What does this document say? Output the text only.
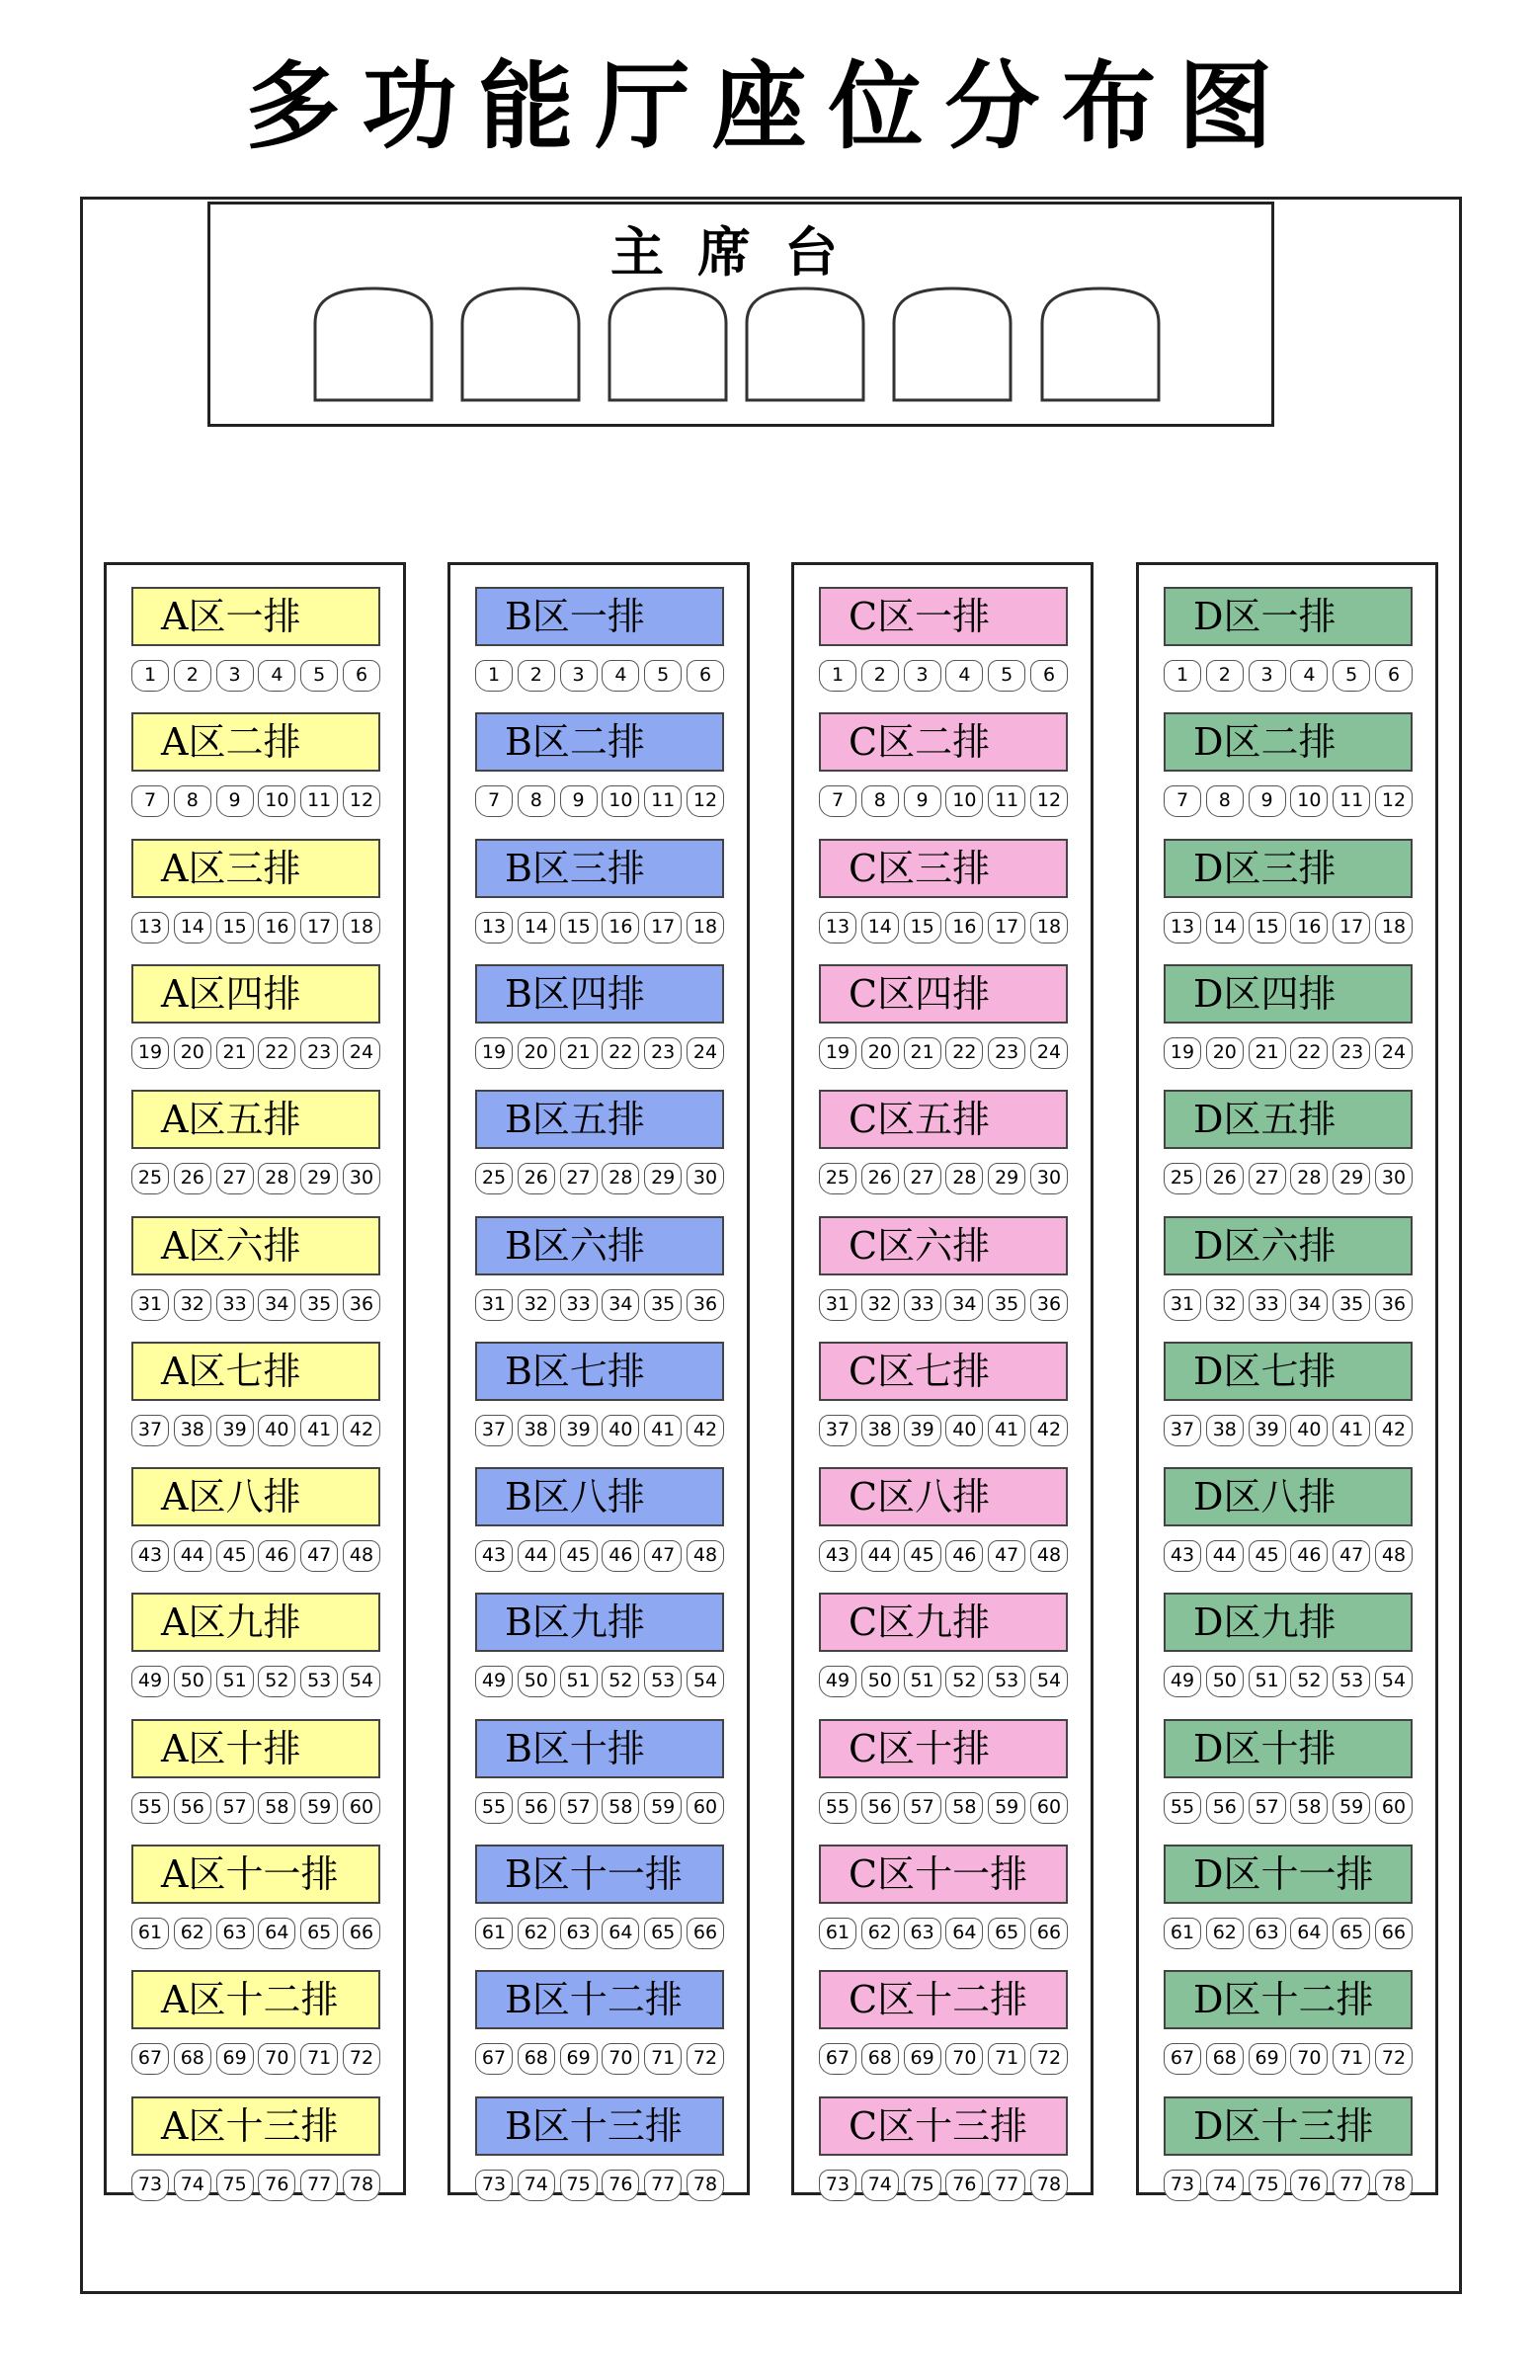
多功能厅座位分布图
主席台
A区一排
1	2	3	4	5	6
A区二排
7	8	9	10 11 12
A区三排
13 14 15 16 17 18
A区四排
19 20 21 22 23 24
A区五排
25 26 27 28 29 30
A区六排
31 32 33 34 35 36
A区七排
37 38 39 40 41 42
A区八排
43 44 45 46 47 48
A区九排
49 50 51 52 53 54
A区十排
55 56 57 58 59 60
A区十一排
61 62 63 64 65 66
A区十二排
67 68 69 70 71 72
A区十三排
73 74 75 76 77 78
B区一排
1	2	3	4	5	6
B区二排
7	8	9	10 11 12
B区三排
13 14 15 16 17 18
B区四排
19 20 21 22 23 24
B区五排
25 26 27 28 29 30
B区六排
31 32 33 34 35 36
B区七排
37 38 39 40 41 42
B区八排
43 44 45 46 47 48
B区九排
49 50 51 52 53 54
B区十排
55 56 57 58 59 60
B区十一排
61 62 63 64 65 66
B区十二排
67 68 69 70 71 72
B区十三排
73 74 75 76 77 78
C区一排
1	2	3	4	5	6
C区二排
7	8	9	10 11 12
C区三排
13 14 15 16 17 18
C区四排
19 20 21 22 23 24
C区五排
25 26 27 28 29 30
C区六排
31 32 33 34 35 36
C区七排
37 38 39 40 41 42
C区八排
43 44 45 46 47 48
C区九排
49 50 51 52 53 54
C区十排
55 56 57 58 59 60
C区十一排
61 62 63 64 65 66
C区十二排
67 68 69 70 71 72
C区十三排
73 74 75 76 77 78
D区一排
1	2	3	4	5	6
D区二排
7	8	9	10 11 12
D区三排
13 14 15 16 17 18
D区四排
19 20 21 22 23 24
D区五排
25 26 27 28 29 30
D区六排
31 32 33 34 35 36
D区七排
37 38 39 40 41 42
D区八排
43 44 45 46 47 48
D区九排
49 50 51 52 53 54
D区十排
55 56 57 58 59 60
D区十一排
61 62 63 64 65 66
D区十二排
67 68 69 70 71 72
D区十三排
73 74 75 76 77 78
